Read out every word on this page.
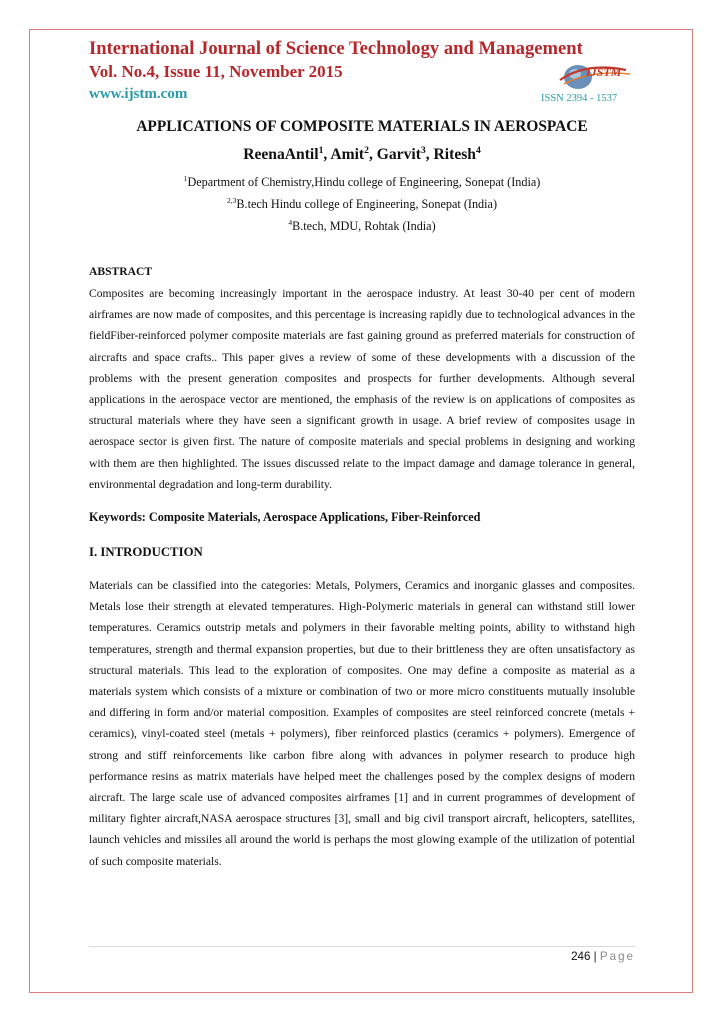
International Journal of Science Technology and Management
Vol. No.4, Issue 11, November 2015
www.ijstm.com
IJSTM
ISSN 2394 - 1537
APPLICATIONS OF COMPOSITE MATERIALS IN AEROSPACE
ReenaAntil$^1$, Amit$^2$, Garvit$^3$, Ritesh$^4$
$^1$Department of Chemistry,Hindu college of Engineering, Sonepat (India)
$^{2,3}$B.tech Hindu college of Engineering, Sonepat (India)
$^4$B.tech, MDU, Rohtak (India)
ABSTRACT

Composites are becoming increasingly important in the aerospace industry. At least 30-40 per cent of modern airframes are now made of composites, and this percentage is increasing rapidly due to technological advances in the fieldFiber-reinforced polymer composite materials are fast gaining ground as preferred materials for construction of aircrafts and space crafts.. This paper gives a review of some of these developments with a discussion of the problems with the present generation composites and prospects for further developments. Although several applications in the aerospace vector are mentioned, the emphasis of the review is on applications of composites as structural materials where they have seen a significant growth in usage. A brief review of composites usage in aerospace sector is given first. The nature of composite materials and special problems in designing and working with them are then highlighted. The issues discussed relate to the impact damage and damage tolerance in general, environmental degradation and long-term durability.

Keywords: Composite Materials, Aerospace Applications, Fiber-Reinforced
I. INTRODUCTION

Materials can be classified into the categories: Metals, Polymers, Ceramics and inorganic glasses and composites. Metals lose their strength at elevated temperatures. High-Polymeric materials in general can withstand still lower temperatures. Ceramics outstrip metals and polymers in their favorable melting points, ability to withstand high temperatures, strength and thermal expansion properties, but due to their brittleness they are often unsatisfactory as structural materials. This lead to the exploration of composites. One may define a composite as material as a materials system which consists of a mixture or combination of two or more micro constituents mutually insoluble and differing in form and/or material composition. Examples of composites are steel reinforced concrete (metals + ceramics), vinyl-coated steel (metals + polymers), fiber reinforced plastics (ceramics + polymers). Emergence of strong and stiff reinforcements like carbon fibre along with advances in polymer research to produce high performance resins as matrix materials have helped meet the challenges posed by the complex designs of modern aircraft. The large scale use of advanced composites airframes [1] and in current programmes of development of military fighter aircraft,NASA aerospace structures [3], small and big civil transport aircraft, helicopters, satellites, launch vehicles and missiles all around the world is perhaps the most glowing example of the utilization of potential of such composite materials.

246 | Page
